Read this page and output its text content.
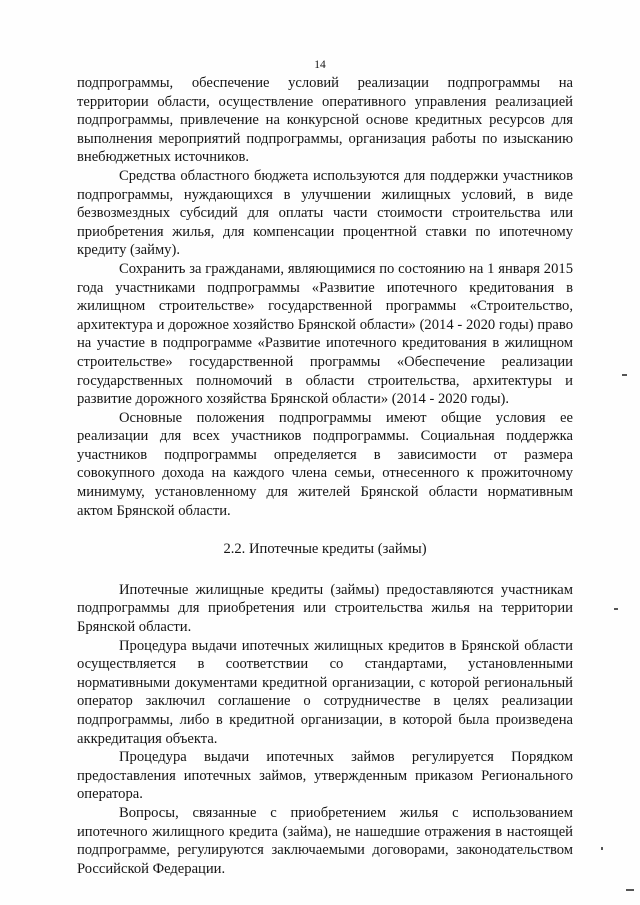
14

подпрограммы, обеспечение условий реализации подпрограммы на территории области, осуществление оперативного управления реализацией подпрограммы, привлечение на конкурсной основе кредитных ресурсов для выполнения мероприятий подпрограммы, организация работы по изысканию внебюджетных источников.

Средства областного бюджета используются для поддержки участников подпрограммы, нуждающихся в улучшении жилищных условий, в виде безвозмездных субсидий для оплаты части стоимости строительства или приобретения жилья, для компенсации процентной ставки по ипотечному кредиту (займу).

Сохранить за гражданами, являющимися по состоянию на 1 января 2015 года участниками подпрограммы «Развитие ипотечного кредитования в жилищном строительстве» государственной программы «Строительство, архитектура и дорожное хозяйство Брянской области» (2014 - 2020 годы) право на участие в подпрограмме «Развитие ипотечного кредитования в жилищном строительстве» государственной программы «Обеспечение реализации государственных полномочий в области строительства, архитектуры и развитие дорожного хозяйства Брянской области» (2014 - 2020 годы).

Основные положения подпрограммы имеют общие условия ее реализации для всех участников подпрограммы. Социальная поддержка участников подпрограммы определяется в зависимости от размера совокупного дохода на каждого члена семьи, отнесенного к прожиточному минимуму, установленному для жителей Брянской области нормативным актом Брянской области.

2.2. Ипотечные кредиты (займы)

Ипотечные жилищные кредиты (займы) предоставляются участникам подпрограммы для приобретения или строительства жилья на территории Брянской области.

Процедура выдачи ипотечных жилищных кредитов в Брянской области осуществляется в соответствии со стандартами, установленными нормативными документами кредитной организации, с которой региональный оператор заключил соглашение о сотрудничестве в целях реализации подпрограммы, либо в кредитной организации, в которой была произведена аккредитация объекта.

Процедура выдачи ипотечных займов регулируется Порядком предоставления ипотечных займов, утвержденным приказом Регионального оператора.

Вопросы, связанные с приобретением жилья с использованием ипотечного жилищного кредита (займа), не нашедшие отражения в настоящей подпрограмме, регулируются заключаемыми договорами, законодательством Российской Федерации.
